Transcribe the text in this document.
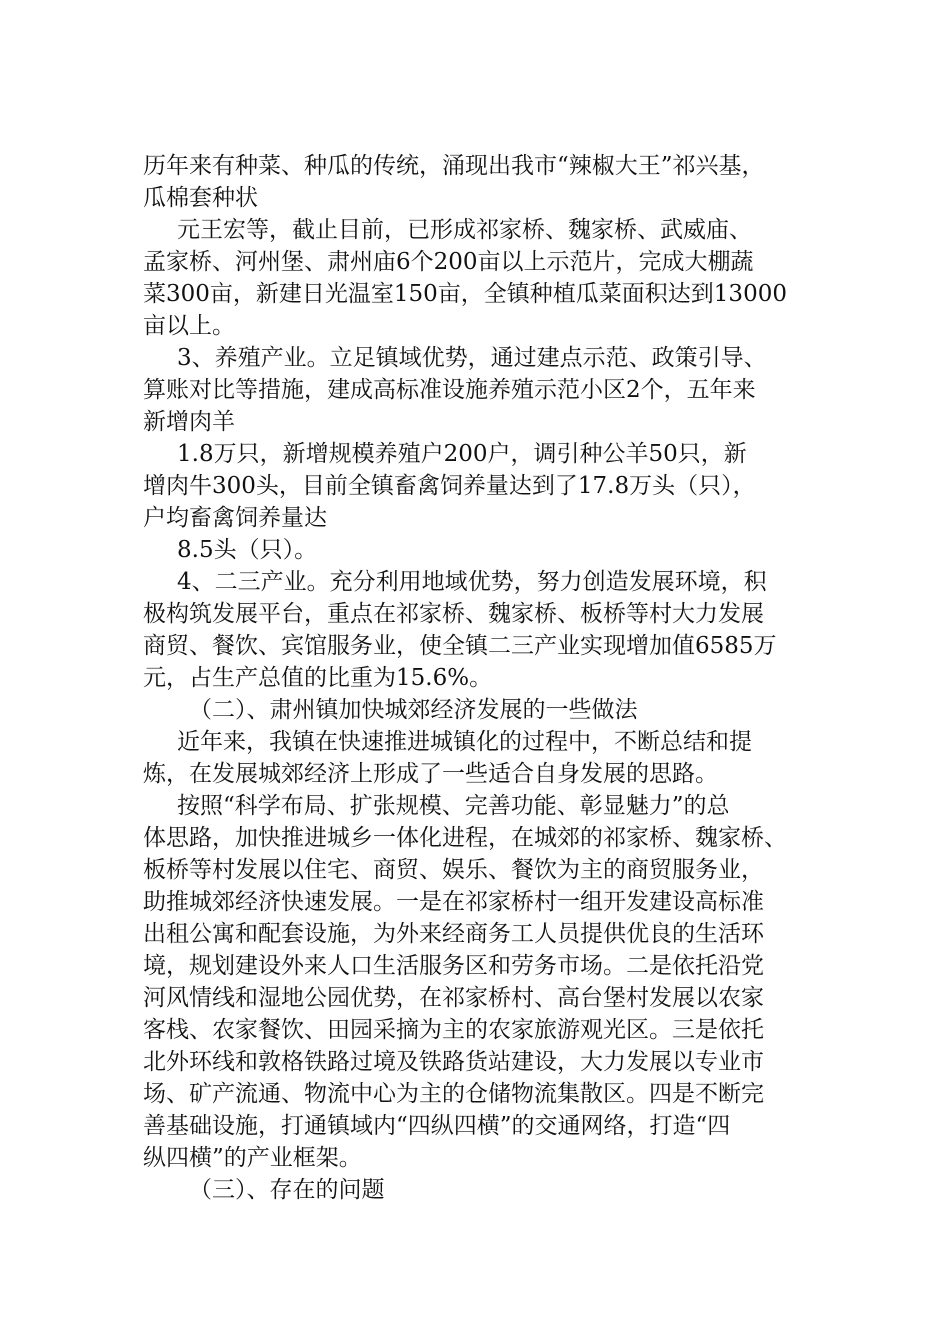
历年来有种菜、种瓜的传统，涌现出我市“辣椒大王”祁兴基，
瓜棉套种状
元王宏等，截止目前，已形成祁家桥、魏家桥、武威庙、
孟家桥、河州堡、肃州庙6个200亩以上示范片，完成大棚蔬
菜300亩，新建日光温室150亩，全镇种植瓜菜面积达到13000
亩以上。
3、养殖产业。立足镇域优势，通过建点示范、政策引导、
算账对比等措施，建成高标准设施养殖示范小区2个，五年来
新增肉羊
1.8万只，新增规模养殖户200户，调引种公羊50只，新
增肉牛300头，目前全镇畜禽饲养量达到了17.8万头（只），
户均畜禽饲养量达
8.5头（只）。
4、二三产业。充分利用地域优势，努力创造发展环境，积
极构筑发展平台，重点在祁家桥、魏家桥、板桥等村大力发展
商贸、餐饮、宾馆服务业，使全镇二三产业实现增加值6585万
元，占生产总值的比重为15.6%。
（二）、肃州镇加快城郊经济发展的一些做法
近年来，我镇在快速推进城镇化的过程中，不断总结和提
炼，在发展城郊经济上形成了一些适合自身发展的思路。
按照“科学布局、扩张规模、完善功能、彰显魅力”的总
体思路，加快推进城乡一体化进程，在城郊的祁家桥、魏家桥、
板桥等村发展以住宅、商贸、娱乐、餐饮为主的商贸服务业，
助推城郊经济快速发展。一是在祁家桥村一组开发建设高标准
出租公寓和配套设施，为外来经商务工人员提供优良的生活环
境，规划建设外来人口生活服务区和劳务市场。二是依托沿党
河风情线和湿地公园优势，在祁家桥村、高台堡村发展以农家
客栈、农家餐饮、田园采摘为主的农家旅游观光区。三是依托
北外环线和敦格铁路过境及铁路货站建设，大力发展以专业市
场、矿产流通、物流中心为主的仓储物流集散区。四是不断完
善基础设施，打通镇域内“四纵四横”的交通网络，打造“四
纵四横”的产业框架。
（三）、存在的问题
